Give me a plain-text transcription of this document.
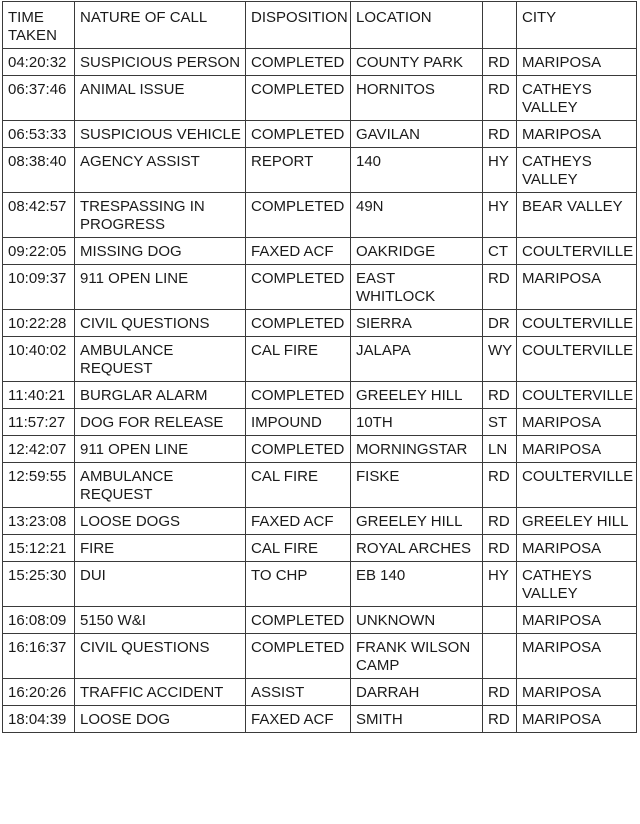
TIME TAKEN	NATURE OF CALL	DISPOSITION	LOCATION		CITY
04:20:32	SUSPICIOUS PERSON	COMPLETED	COUNTY PARK	RD	MARIPOSA
06:37:46	ANIMAL ISSUE	COMPLETED	HORNITOS	RD	CATHEYS VALLEY
06:53:33	SUSPICIOUS VEHICLE	COMPLETED	GAVILAN	RD	MARIPOSA
08:38:40	AGENCY ASSIST	REPORT	140	HY	CATHEYS VALLEY
08:42:57	TRESPASSING IN PROGRESS	COMPLETED	49N	HY	BEAR VALLEY
09:22:05	MISSING DOG	FAXED ACF	OAKRIDGE	CT	COULTERVILLE
10:09:37	911 OPEN LINE	COMPLETED	EAST WHITLOCK	RD	MARIPOSA
10:22:28	CIVIL QUESTIONS	COMPLETED	SIERRA	DR	COULTERVILLE
10:40:02	AMBULANCE REQUEST	CAL FIRE	JALAPA	WY	COULTERVILLE
11:40:21	BURGLAR ALARM	COMPLETED	GREELEY HILL	RD	COULTERVILLE
11:57:27	DOG FOR RELEASE	IMPOUND	10TH	ST	MARIPOSA
12:42:07	911 OPEN LINE	COMPLETED	MORNINGSTAR	LN	MARIPOSA
12:59:55	AMBULANCE REQUEST	CAL FIRE	FISKE	RD	COULTERVILLE
13:23:08	LOOSE DOGS	FAXED ACF	GREELEY HILL	RD	GREELEY HILL
15:12:21	FIRE	CAL FIRE	ROYAL ARCHES	RD	MARIPOSA
15:25:30	DUI	TO CHP	EB 140	HY	CATHEYS VALLEY
16:08:09	5150 W&I	COMPLETED	UNKNOWN		MARIPOSA
16:16:37	CIVIL QUESTIONS	COMPLETED	FRANK WILSON CAMP		MARIPOSA
16:20:26	TRAFFIC ACCIDENT	ASSIST	DARRAH	RD	MARIPOSA
18:04:39	LOOSE DOG	FAXED ACF	SMITH	RD	MARIPOSA
